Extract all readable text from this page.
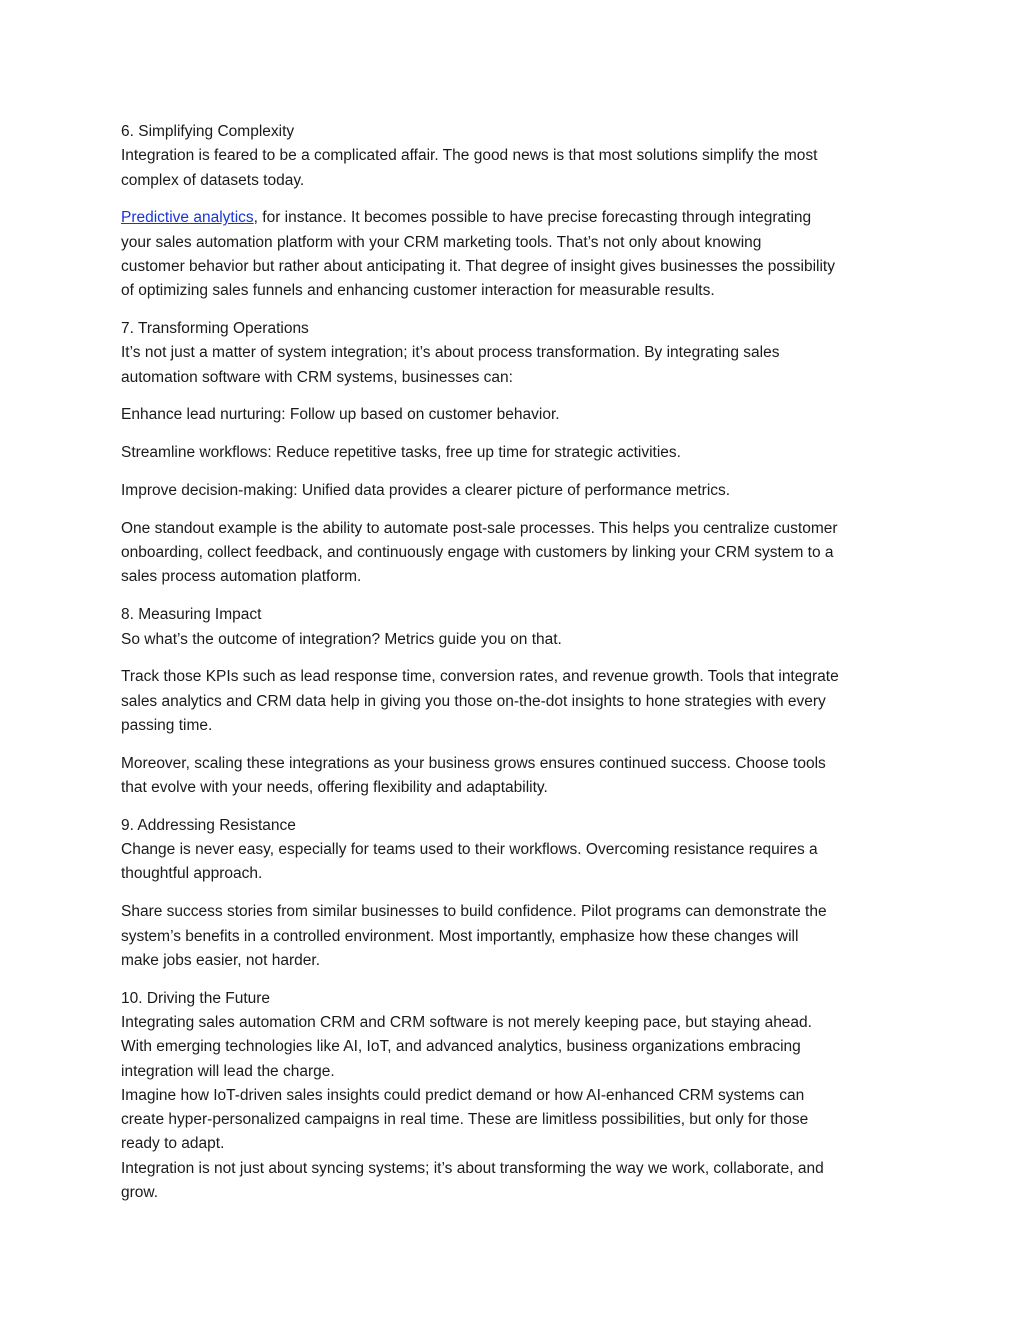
6. Simplifying Complexity
Integration is feared to be a complicated affair. The good news is that most solutions simplify the most
complex of datasets today.

Predictive analytics, for instance. It becomes possible to have precise forecasting through integrating
your sales automation platform with your CRM marketing tools. That’s not only about knowing
customer behavior but rather about anticipating it. That degree of insight gives businesses the possibility
of optimizing sales funnels and enhancing customer interaction for measurable results.

7. Transforming Operations
It’s not just a matter of system integration; it’s about process transformation. By integrating sales
automation software with CRM systems, businesses can:

Enhance lead nurturing: Follow up based on customer behavior.

Streamline workflows: Reduce repetitive tasks, free up time for strategic activities.

Improve decision-making: Unified data provides a clearer picture of performance metrics.

One standout example is the ability to automate post-sale processes. This helps you centralize customer
onboarding, collect feedback, and continuously engage with customers by linking your CRM system to a
sales process automation platform.

8. Measuring Impact
So what’s the outcome of integration? Metrics guide you on that.

Track those KPIs such as lead response time, conversion rates, and revenue growth. Tools that integrate
sales analytics and CRM data help in giving you those on-the-dot insights to hone strategies with every
passing time.

Moreover, scaling these integrations as your business grows ensures continued success. Choose tools
that evolve with your needs, offering flexibility and adaptability.

9. Addressing Resistance
Change is never easy, especially for teams used to their workflows. Overcoming resistance requires a
thoughtful approach.

Share success stories from similar businesses to build confidence. Pilot programs can demonstrate the
system’s benefits in a controlled environment. Most importantly, emphasize how these changes will
make jobs easier, not harder.

10. Driving the Future
Integrating sales automation CRM and CRM software is not merely keeping pace, but staying ahead.
With emerging technologies like AI, IoT, and advanced analytics, business organizations embracing
integration will lead the charge.
Imagine how IoT-driven sales insights could predict demand or how AI-enhanced CRM systems can
create hyper-personalized campaigns in real time. These are limitless possibilities, but only for those
ready to adapt.
Integration is not just about syncing systems; it’s about transforming the way we work, collaborate, and
grow.
